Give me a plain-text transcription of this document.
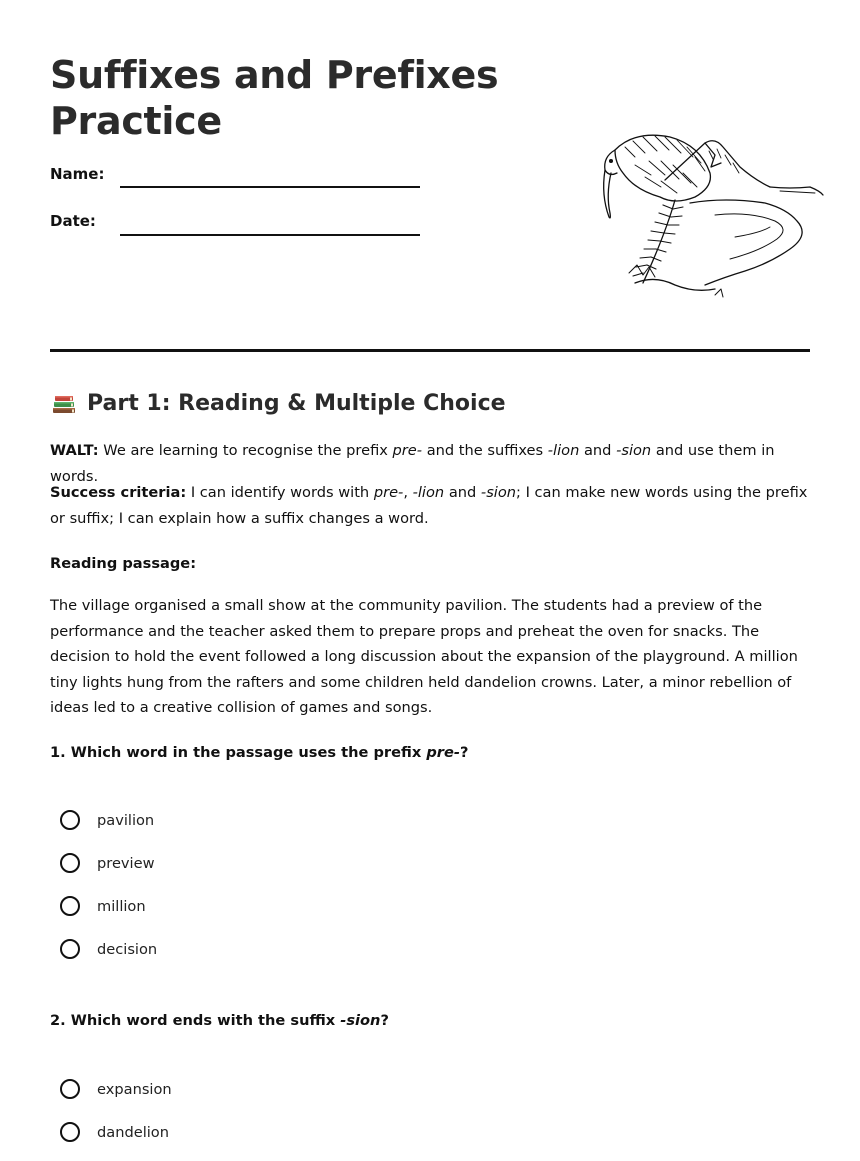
Suffixes and Prefixes Practice
Name:
Date:
Part 1: Reading & Multiple Choice
WALT: We are learning to recognise the prefix pre- and the suffixes -lion and -sion and use them in words.
Success criteria: I can identify words with pre-, -lion and -sion; I can make new words using the prefix or suffix; I can explain how a suffix changes a word.
Reading passage:
The village organised a small show at the community pavilion. The students had a preview of the performance and the teacher asked them to prepare props and preheat the oven for snacks. The decision to hold the event followed a long discussion about the expansion of the playground. A million tiny lights hung from the rafters and some children held dandelion crowns. Later, a minor rebellion of ideas led to a creative collision of games and songs.
1. Which word in the passage uses the prefix pre-?
pavilion
preview
million
decision
2. Which word ends with the suffix -sion?
expansion
dandelion
